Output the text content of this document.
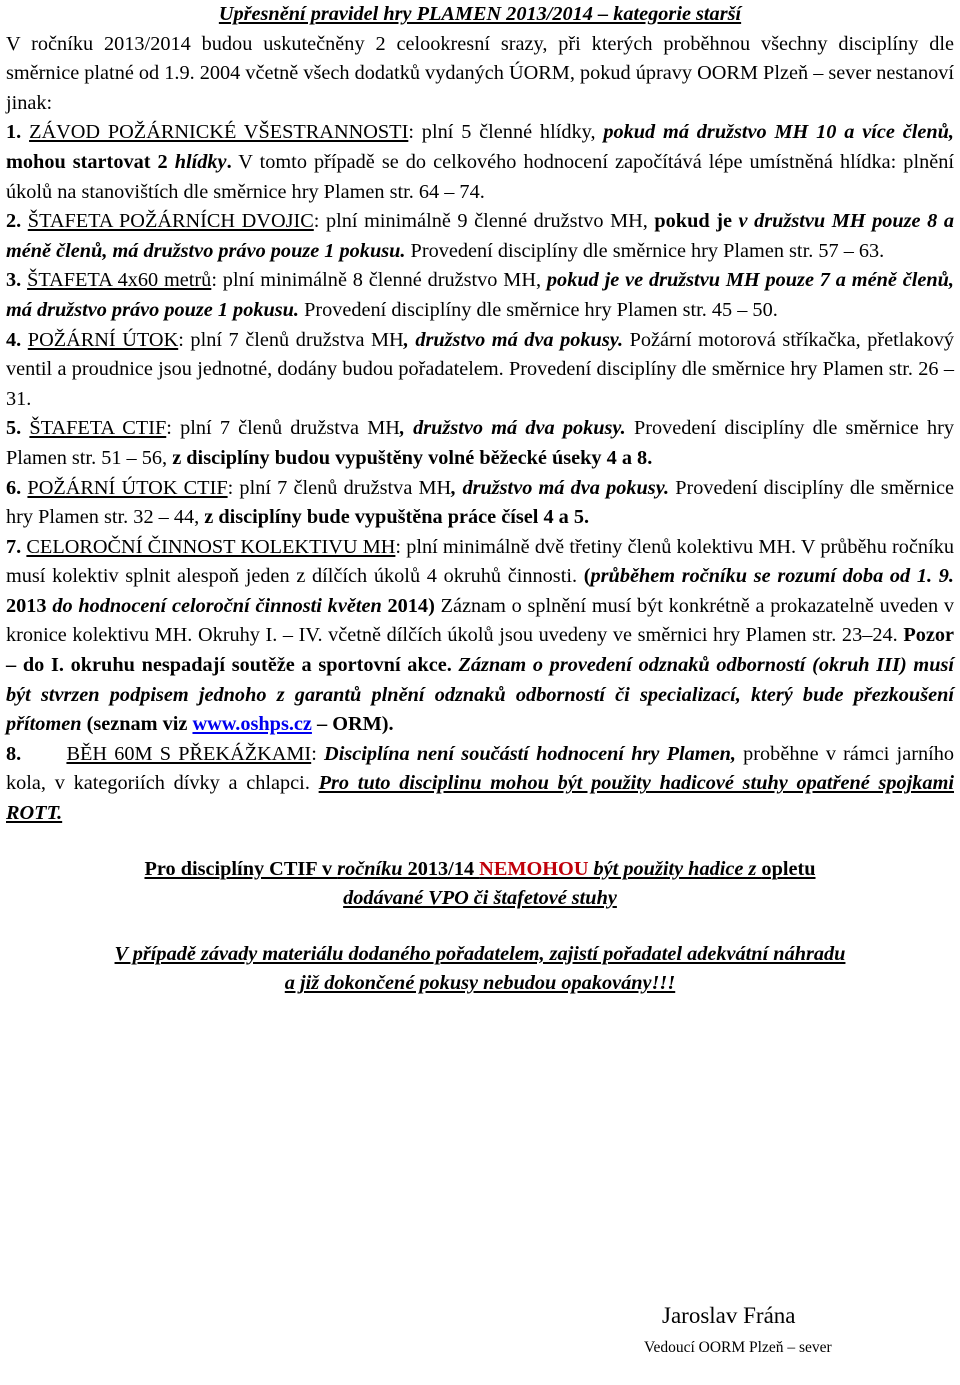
Upřesnění pravidel hry PLAMEN 2013/2014 – kategorie starší

V ročníku 2013/2014 budou uskutečněny 2 celookresní srazy, při kterých proběhnou všechny disciplíny dle směrnice platné od 1.9. 2004 včetně všech dodatků vydaných ÚORM, pokud úpravy OORM Plzeň – sever nestanoví jinak:

1. ZÁVOD POŽÁRNICKÉ VŠESTRANNOSTI: plní 5 členné hlídky, pokud má družstvo MH 10 a více členů, mohou startovat 2 hlídky. V tomto případě se do celkového hodnocení započítává lépe umístněná hlídka: plnění úkolů na stanovištích dle směrnice hry Plamen str. 64 – 74.

2. ŠTAFETA POŽÁRNÍCH DVOJIC: plní minimálně 9 členné družstvo MH, pokud je v družstvu MH pouze 8 a méně členů, má družstvo právo pouze 1 pokusu. Provedení disciplíny dle směrnice hry Plamen str. 57 – 63.

3. ŠTAFETA 4x60 metrů: plní minimálně 8 členné družstvo MH, pokud je ve družstvu MH pouze 7 a méně členů, má družstvo právo pouze 1 pokusu. Provedení disciplíny dle směrnice hry Plamen str. 45 – 50.

4. POŽÁRNÍ ÚTOK: plní 7 členů družstva MH, družstvo má dva pokusy. Požární motorová stříkačka, přetlakový ventil a proudnice jsou jednotné, dodány budou pořadatelem. Provedení disciplíny dle směrnice hry Plamen str. 26 – 31.

5. ŠTAFETA CTIF: plní 7 členů družstva MH, družstvo má dva pokusy. Provedení disciplíny dle směrnice hry Plamen str. 51 – 56, z disciplíny budou vypuštěny volné běžecké úseky 4 a 8.

6. POŽÁRNÍ ÚTOK CTIF: plní 7 členů družstva MH, družstvo má dva pokusy. Provedení disciplíny dle směrnice hry Plamen str. 32 – 44, z disciplíny bude vypuštěna práce čísel 4 a 5.

7. CELOROČNÍ ČINNOST KOLEKTIVU MH: plní minimálně dvě třetiny členů kolektivu MH. V průběhu ročníku musí kolektiv splnit alespoň jeden z dílčích úkolů 4 okruhů činnosti. (průběhem ročníku se rozumí doba od 1. 9. 2013 do hodnocení celoroční činnosti květen 2014) Záznam o splnění musí být konkrétně a prokazatelně uveden v kronice kolektivu MH. Okruhy I. – IV. včetně dílčích úkolů jsou uvedeny ve směrnici hry Plamen str. 23–24. Pozor – do I. okruhu nespadají soutěže a sportovní akce. Záznam o provedení odznaků odborností (okruh III) musí být stvrzen podpisem jednoho z garantů plnění odznaků odborností či specializací, který bude přezkoušení přítomen (seznam viz www.oshps.cz – ORM).

8. BĚH 60M S PŘEKÁŽKAMI: Disciplína není součástí hodnocení hry Plamen, proběhne v rámci jarního kola, v kategoriích dívky a chlapci. Pro tuto disciplinu mohou být použity hadicové stuhy opatřené spojkami ROTT.

Pro disciplíny CTIF v ročníku 2013/14 NEMOHOU být použity hadice z opletu
dodávané VPO či štafetové stuhy

V případě závady materiálu dodaného pořadatelem, zajistí pořadatel adekvátní náhradu
a již dokončené pokusy nebudou opakovány!!!

Jaroslav Frána
Vedoucí OORM Plzeň – sever
